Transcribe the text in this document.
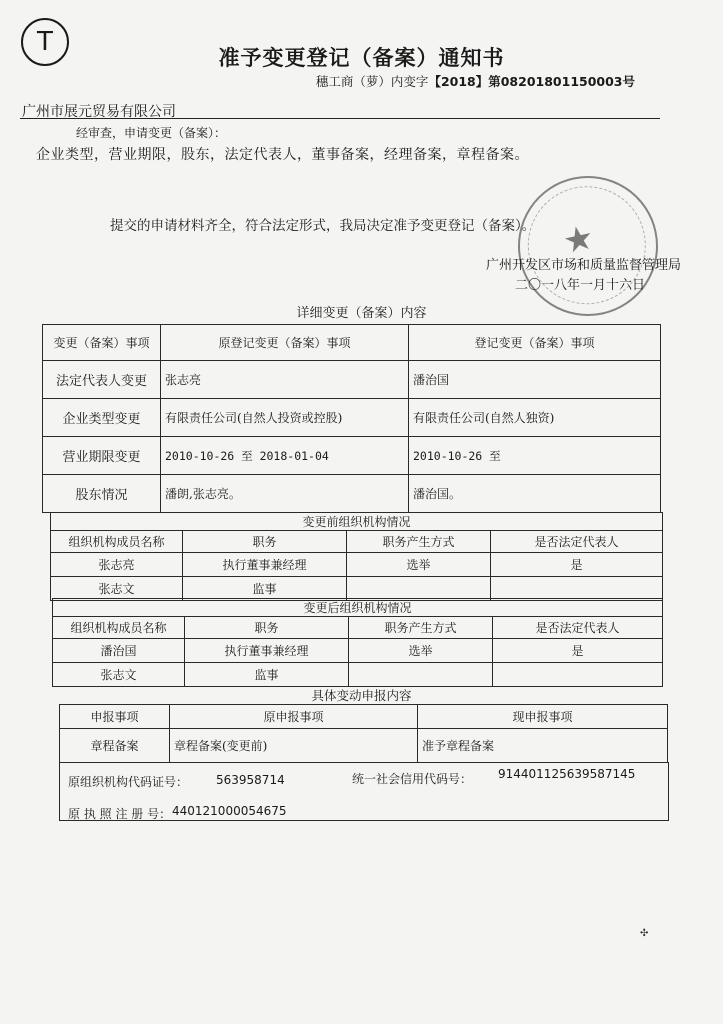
T
准予变更登记（备案）通知书
穗工商（萝）内变字【2018】第08201801150003号
广州市展元贸易有限公司
经审查，申请变更（备案）：
企业类型，营业期限，股东，法定代表人，董事备案，经理备案，章程备案。
提交的申请材料齐全，符合法定形式，我局决定准予变更登记（备案）。 ★
广州开发区市场和质量监督管理局
二〇一八年一月十六日
详细变更（备案）内容
变更（备案）事项	原登记变更（备案）事项	登记变更（备案）事项
法定代表人变更	张志亮	潘治国
企业类型变更	有限责任公司(自然人投资或控股)	有限责任公司(自然人独资)
营业期限变更	2010-10-26 至 2018-01-04	2010-10-26 至
股东情况	潘朗,张志亮。	潘治国。
变更前组织机构情况			
组织机构成员名称	职务	职务产生方式	是否法定代表人
张志亮	执行董事兼经理	选举	是
张志文	监事		
变更后组织机构情况			
组织机构成员名称	职务	职务产生方式	是否法定代表人
潘治国	执行董事兼经理	选举	是
张志文	监事		
具体变动申报内容
申报事项	原申报事项	现申报事项
章程备案	章程备案(变更前)	准予章程备案
原组织机构代码证号： 563958714	统一社会信用代码号： 914401125639587145
原 执 照 注 册 号： 440121000054675
✣
